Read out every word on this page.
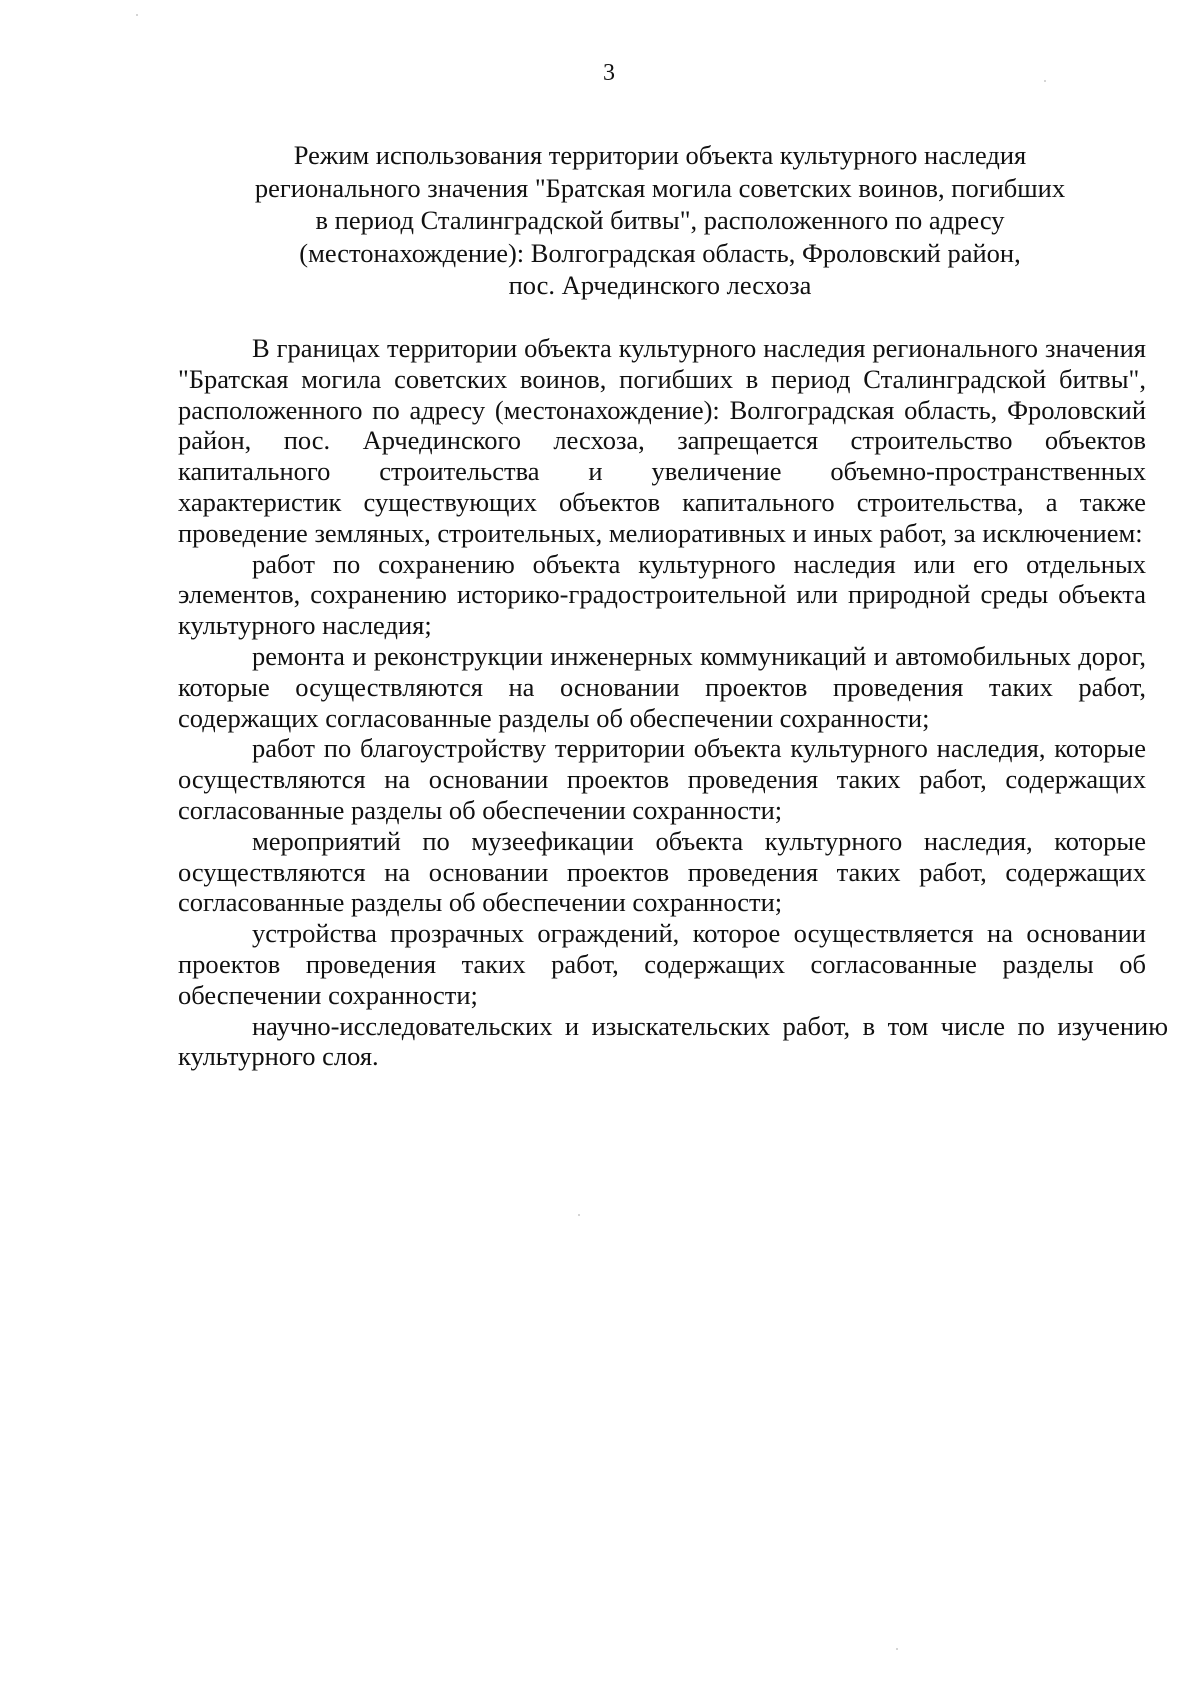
3
Режим использования территории объекта культурного наследия
регионального значения "Братская могила советских воинов, погибших
в период Сталинградской битвы", расположенного по адресу
(местонахождение): Волгоградская область, Фроловский район,
пос. Арчединского лесхоза

В границах территории объекта культурного наследия регионального значения "Братская могила советских воинов, погибших в период Сталинградской битвы", расположенного по адресу (местонахождение): Волгоградская область, Фроловский район, пос. Арчединского лесхоза, запрещается строительство объектов капитального строительства и увеличение объемно-пространственных характеристик существующих объектов капитального строительства, а также проведение земляных, строительных, мелиоративных и иных работ, за исключением:

работ по сохранению объекта культурного наследия или его отдельных элементов, сохранению историко-градостроительной или природной среды объекта культурного наследия;

ремонта и реконструкции инженерных коммуникаций и автомобильных дорог, которые осуществляются на основании проектов проведения таких работ, содержащих согласованные разделы об обеспечении сохранности;

работ по благоустройству территории объекта культурного наследия, которые осуществляются на основании проектов проведения таких работ, содержащих согласованные разделы об обеспечении сохранности;

мероприятий по музеефикации объекта культурного наследия, которые осуществляются на основании проектов проведения таких работ, содержащих согласованные разделы об обеспечении сохранности;

устройства прозрачных ограждений, которое осуществляется на основании проектов проведения таких работ, содержащих согласованные разделы об обеспечении сохранности;

научно-исследовательских и изыскательских работ, в том числе по изучению культурного слоя.
